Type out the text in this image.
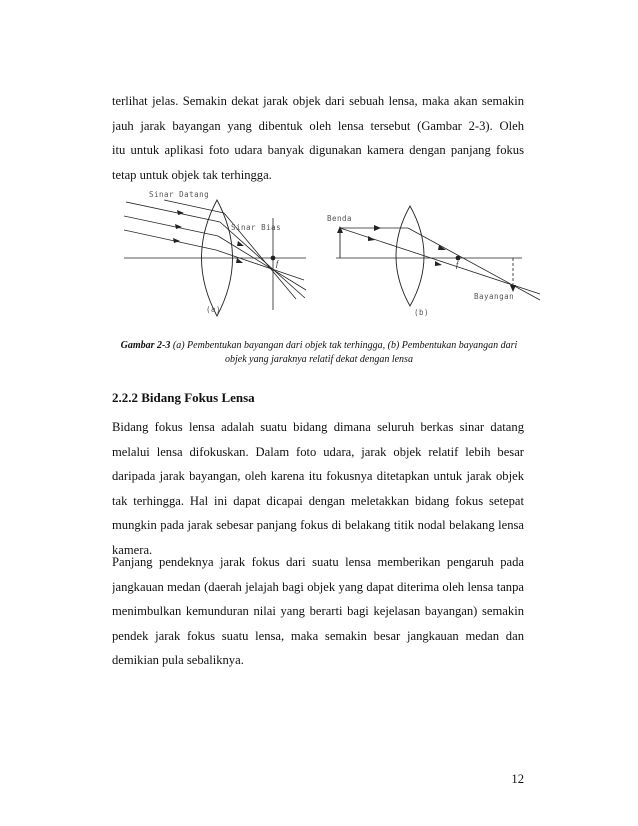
terlihat jelas. Semakin dekat jarak objek dari sebuah lensa, maka akan semakin
jauh jarak bayangan yang dibentuk oleh lensa tersebut (Gambar 2-3). Oleh
itu untuk aplikasi foto udara banyak digunakan kamera dengan panjang fokus
tetap untuk objek tak terhingga.
Sinar Datang
Sinar Bias
f
(a)
Benda
f
Bayangan
(b)
Gambar 2-3 (a) Pembentukan bayangan dari objek tak terhingga, (b) Pembentukan bayangan dari
objek yang jaraknya relatif dekat dengan lensa
2.2.2 Bidang Fokus Lensa
Bidang fokus lensa adalah suatu bidang dimana seluruh berkas sinar datang
melalui lensa difokuskan. Dalam foto udara, jarak objek relatif lebih besar
daripada jarak bayangan, oleh karena itu fokusnya ditetapkan untuk jarak objek
tak terhingga. Hal ini dapat dicapai dengan meletakkan bidang fokus setepat
mungkin pada jarak sebesar panjang fokus di belakang titik nodal belakang lensa
kamera.
Panjang pendeknya jarak fokus dari suatu lensa memberikan pengaruh pada
jangkauan medan (daerah jelajah bagi objek yang dapat diterima oleh lensa tanpa
menimbulkan kemunduran nilai yang berarti bagi kejelasan bayangan) semakin
pendek jarak fokus suatu lensa, maka semakin besar jangkauan medan dan
demikian pula sebaliknya.
12
